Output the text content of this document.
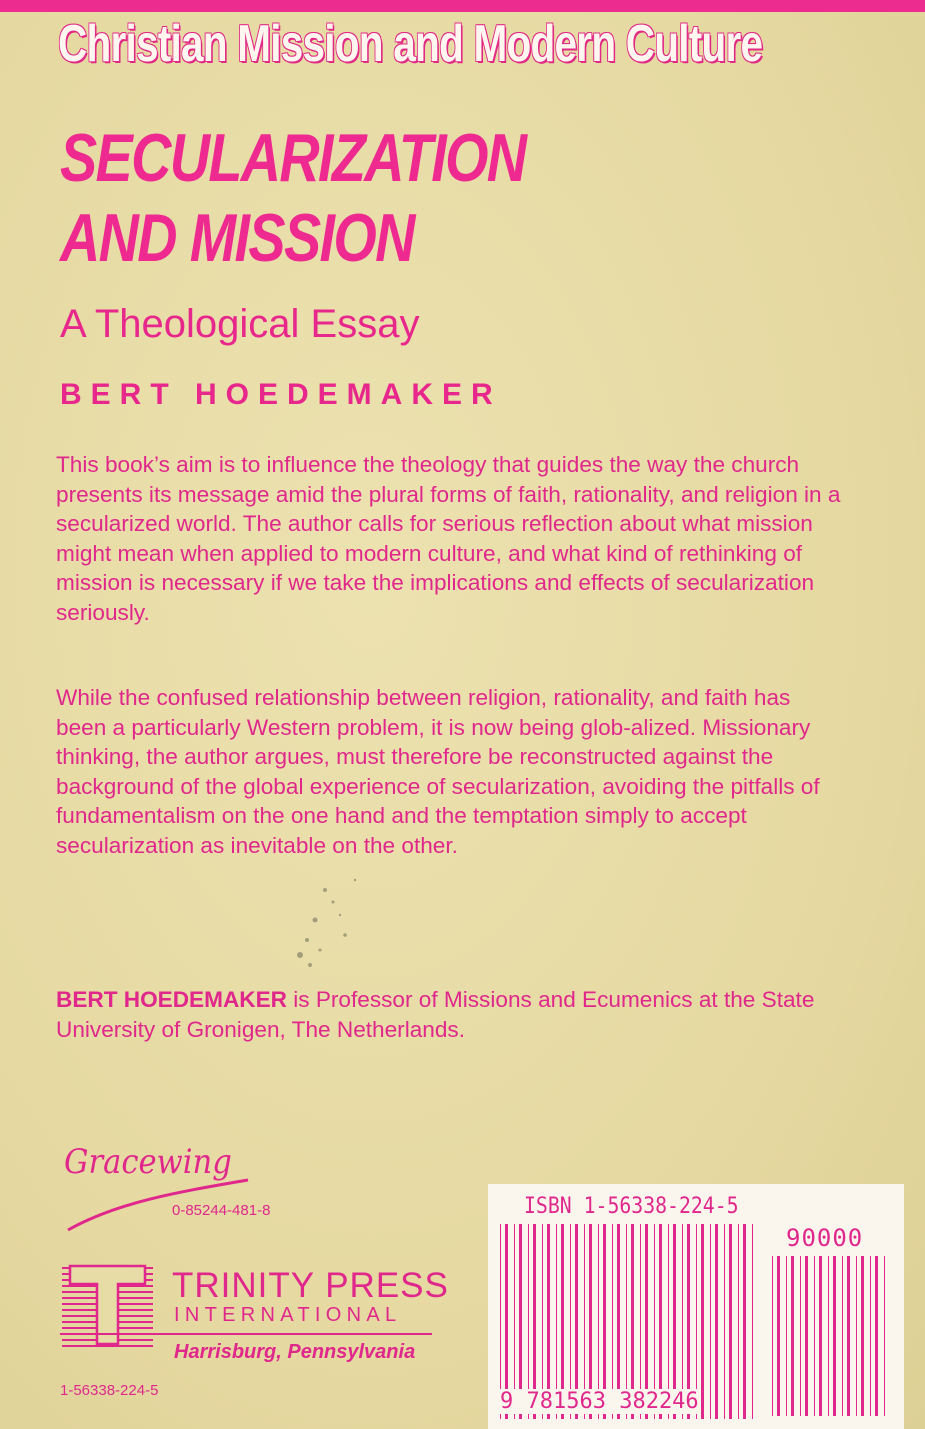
Christian Mission and Modern Culture
SECULARIZATION
AND MISSION
A Theological Essay
BERT HOEDEMAKER
This book’s aim is to influence the theology that guides the way the church presents its message amid the plural forms of faith, rationality, and religion in a secularized world. The author calls for serious reflection about what mission might mean when applied to modern culture, and what kind of rethinking of mission is necessary if we take the implications and effects of secularization seriously.
While the confused relationship between religion, rationality, and faith has been a particularly Western problem, it is now being glob-alized. Missionary thinking, the author argues, must therefore be reconstructed against the background of the global experience of secularization, avoiding the pitfalls of fundamentalism on the one hand and the temptation simply to accept secularization as inevitable on the other.
BERT HOEDEMAKER is Professor of Missions and Ecumenics at the State University of Gronigen, The Netherlands.
Gracewing
0-85244-481-8
TRINITY PRESS
INTERNATIONAL
Harrisburg, Pennsylvania
1-56338-224-5
ISBN 1-56338-224-5
90000
9 781563 382246
